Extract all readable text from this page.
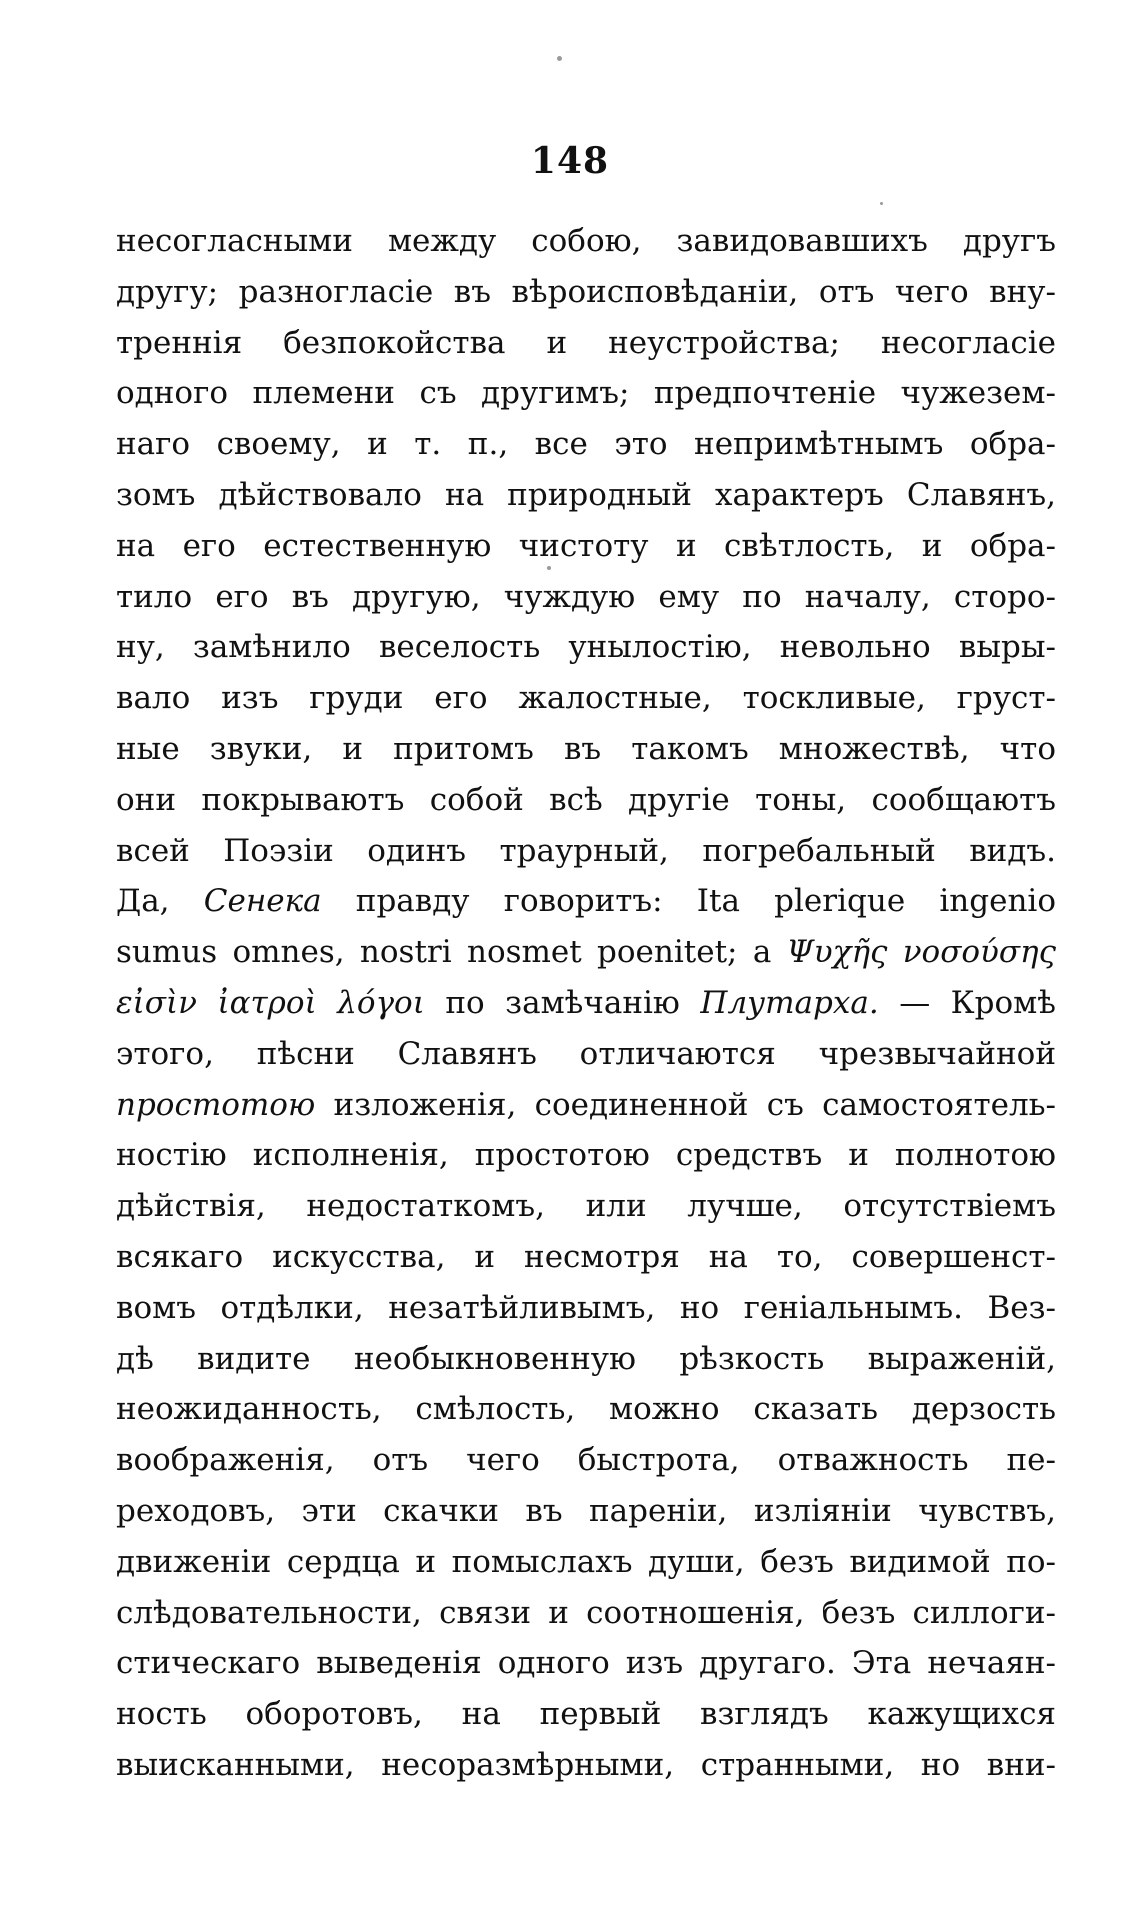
148
несогласными между собою, завидовавшихъ другъ
другу; разногласіе въ вѣроисповѣданіи, отъ чего вну-
треннія безпокойства и неустройства; несогласіе
одного племени съ другимъ; предпочтеніе чужезем-
наго своему, и т. п., все это непримѣтнымъ обра-
зомъ дѣйствовало на природный характеръ Славянъ,
на его естественную чистоту и свѣтлость, и обра-
тило его въ другую, чуждую ему по началу, сторо-
ну, замѣнило веселость унылостію, невольно выры-
вало изъ груди его жалостные, тоскливые, груст-
ные звуки, и притомъ въ такомъ множествѣ, что
они покрываютъ собой всѣ другіе тоны, сообщаютъ
всей Поэзіи одинъ траурный, погребальный видъ.
Да, Сенека правду говоритъ: Ita plerique ingenio
sumus omnes, nostri nosmet poenitet; а Ψυχῆς νοσούσης
εἰσὶν ἰατροὶ λόγοι по замѣчанію Плутарха. — Кромѣ
этого, пѣсни Славянъ отличаются чрезвычайной
простотою изложенія, соединенной съ самостоятель-
ностію исполненія, простотою средствъ и полнотою
дѣйствія, недостаткомъ, или лучше, отсутствіемъ
всякаго искусства, и несмотря на то, совершенст-
вомъ отдѣлки, незатѣйливымъ, но геніальнымъ. Вез-
дѣ видите необыкновенную рѣзкость выраженій,
неожиданность, смѣлость, можно сказать дерзость
воображенія, отъ чего быстрота, отважность пе-
реходовъ, эти скачки въ пареніи, изліяніи чувствъ,
движеніи сердца и помыслахъ души, безъ видимой по-
слѣдовательности, связи и соотношенія, безъ силлоги-
стическаго выведенія одного изъ другаго. Эта нечаян-
ность оборотовъ, на первый взглядъ кажущихся
выисканными, несоразмѣрными, странными, но вни-
